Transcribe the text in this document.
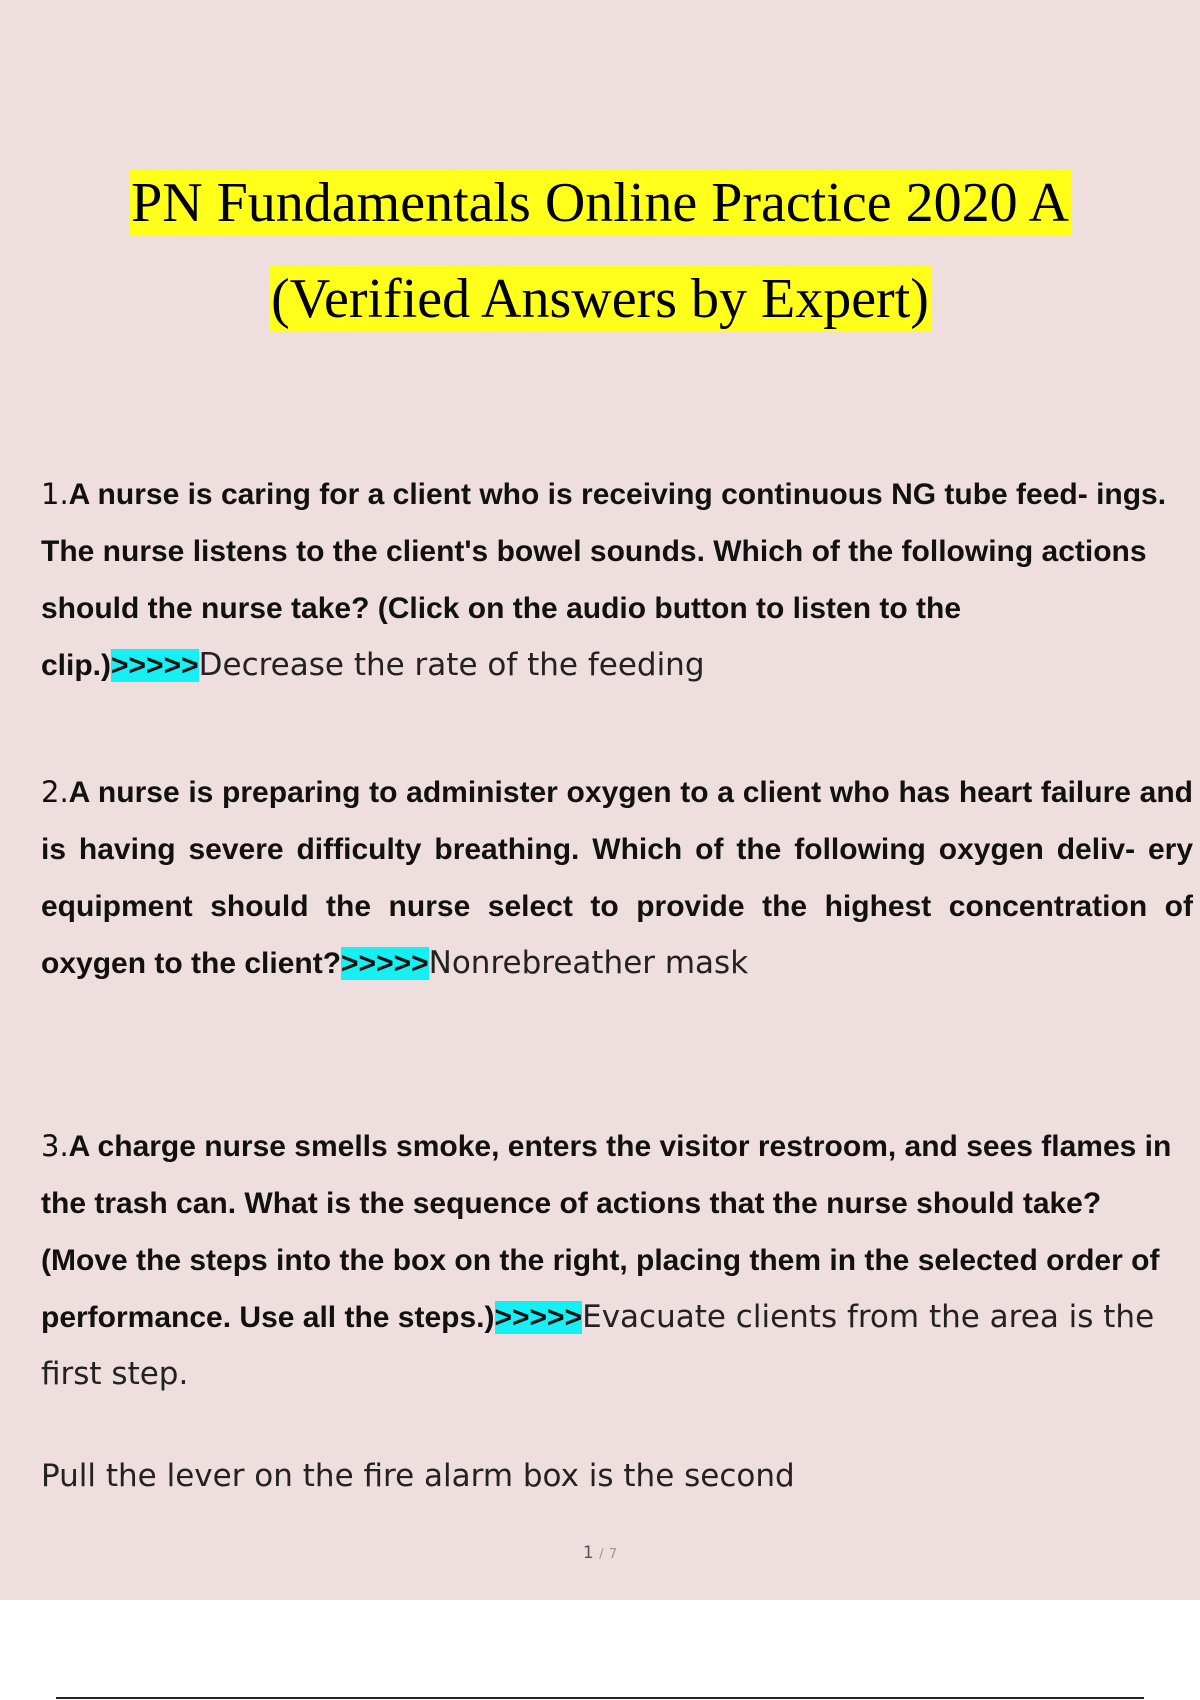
PN Fundamentals Online Practice 2020 A
(Verified Answers by Expert)
1.A nurse is caring for a client who is receiving continuous NG tube feed- ings. The nurse listens to the client's bowel sounds. Which of the following actions should the nurse take? (Click on the audio button to listen to the clip.)>>>>>Decrease the rate of the feeding
2.A nurse is preparing to administer oxygen to a client who has heart failure and is having severe difficulty breathing. Which of the following oxygen deliv- ery equipment should the nurse select to provide the highest concentration of oxygen to the client?>>>>>Nonrebreather mask
3.A charge nurse smells smoke, enters the visitor restroom, and sees flames in the trash can. What is the sequence of actions that the nurse should take? (Move the steps into the box on the right, placing them in the selected order of performance. Use all the steps.)>>>>>Evacuate clients from the area is the first step.
Pull the lever on the fire alarm box is the second
1 / 7
